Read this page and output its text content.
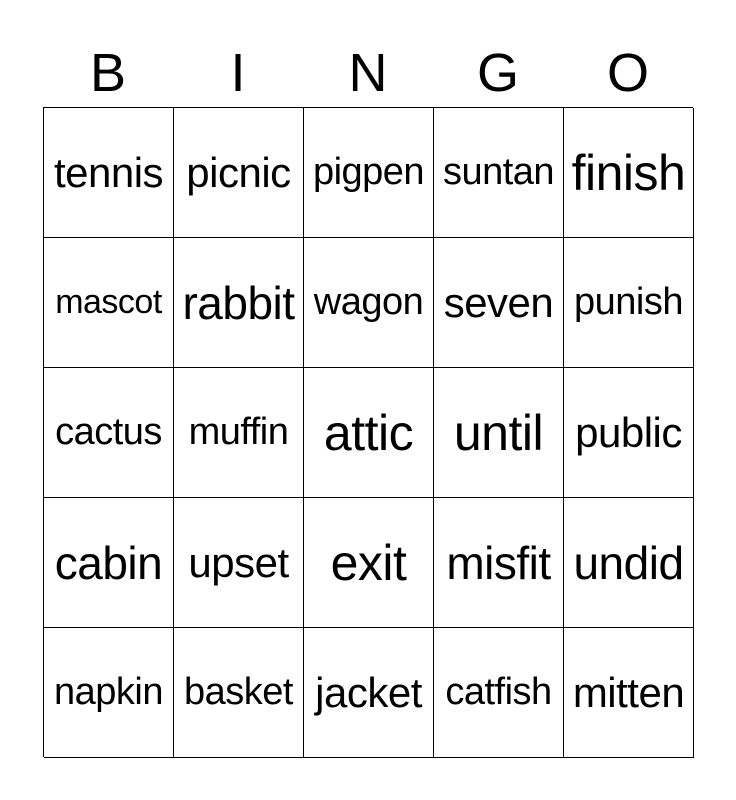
B	I	N	G	O
tennis picnic pigpen suntan finish
mascot rabbit wagon seven punish
cactus muffin attic until public
cabin upset exit misfit undid
napkin basket jacket catfish mitten
